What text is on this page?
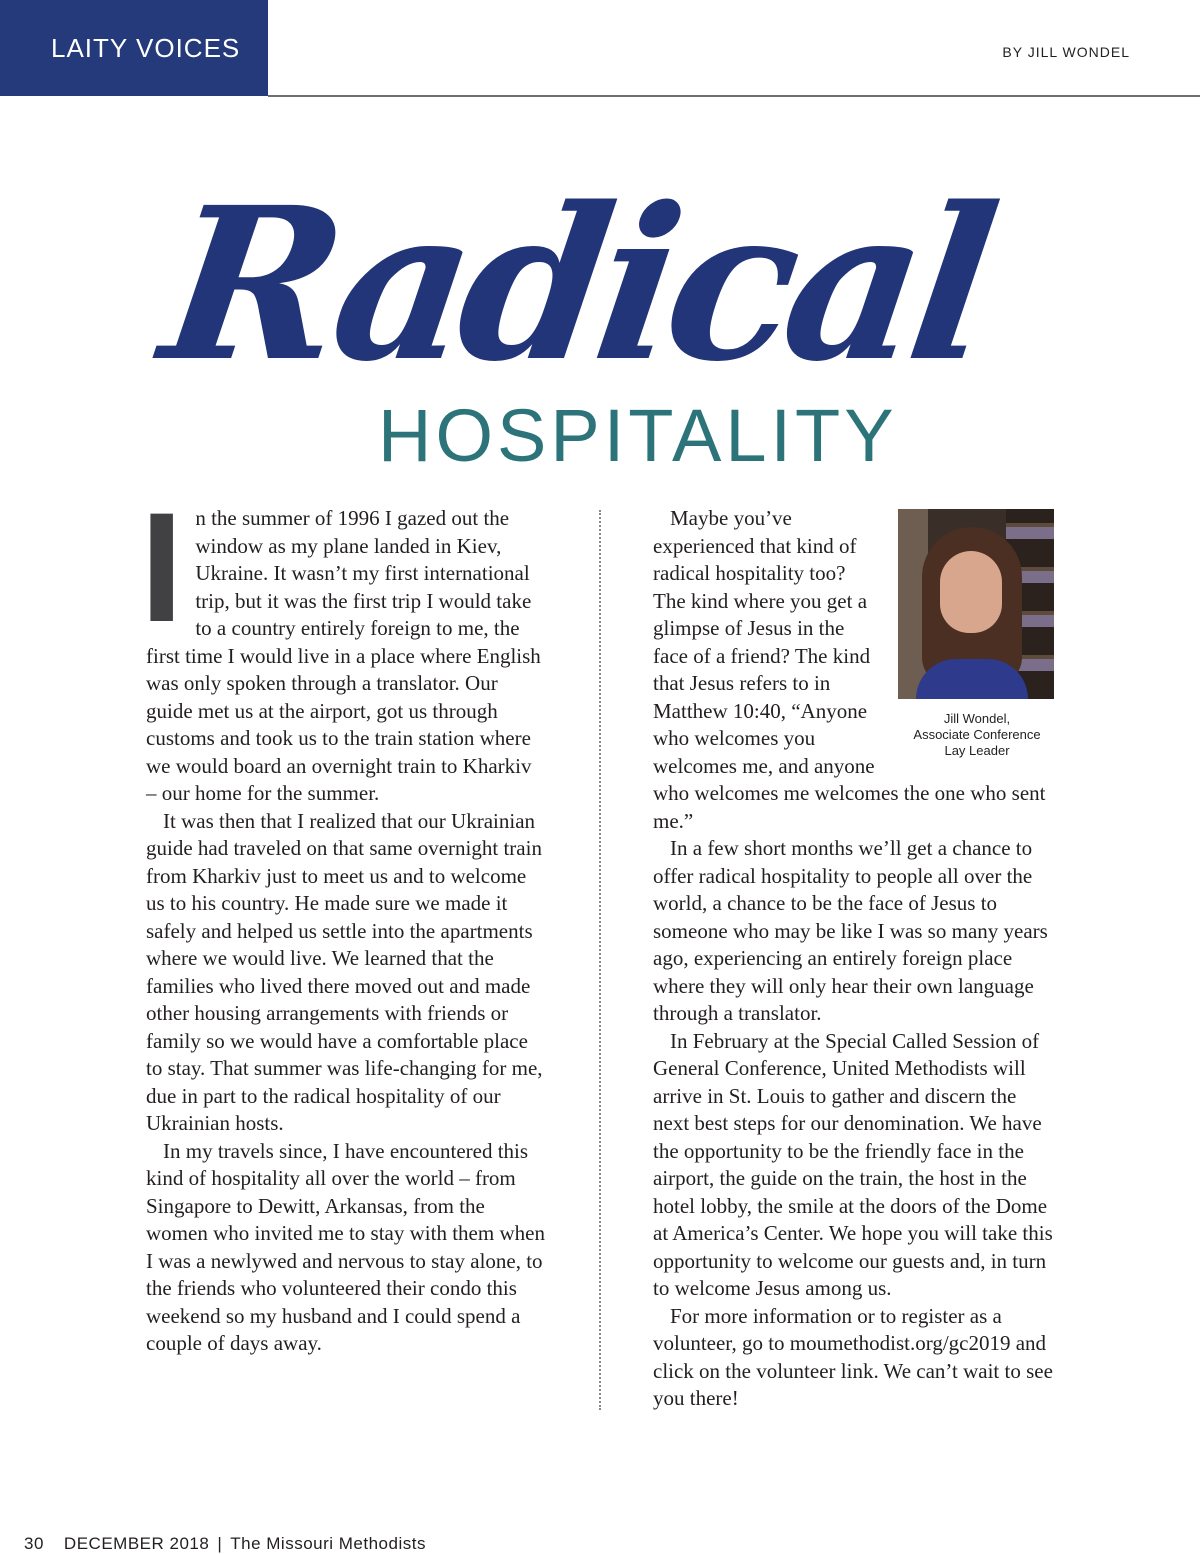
LAITY VOICES	BY JILL WONDEL
Radical
HOSPITALITY

In the summer of 1996 I gazed out the window as my plane landed in Kiev, Ukraine. It wasn’t my first international trip, but it was the first trip I would take to a country entirely foreign to me, the first time I would live in a place where English was only spoken through a translator. Our guide met us at the airport, got us through customs and took us to the train station where we would board an overnight train to Kharkiv – our home for the summer.

It was then that I realized that our Ukrainian guide had traveled on that same overnight train from Kharkiv just to meet us and to welcome us to his country. He made sure we made it safely and helped us settle into the apartments where we would live. We learned that the families who lived there moved out and made other housing arrangements with friends or family so we would have a comfortable place to stay. That summer was life-changing for me, due in part to the radical hospitality of our Ukrainian hosts.

In my travels since, I have encountered this kind of hospitality all over the world – from Singapore to Dewitt, Arkansas, from the women who invited me to stay with them when I was a newlywed and nervous to stay alone, to the friends who volunteered their condo this weekend so my husband and I could spend a couple of days away.

Jill Wondel,
Associate Conference
Lay Leader

Maybe you’ve experienced that kind of radical hospitality too? The kind where you get a glimpse of Jesus in the face of a friend? The kind that Jesus refers to in Matthew 10:40, “Anyone who welcomes you welcomes me, and anyone who welcomes me welcomes the one who sent me.”

In a few short months we’ll get a chance to offer radical hospitality to people all over the world, a chance to be the face of Jesus to someone who may be like I was so many years ago, experiencing an entirely foreign place where they will only hear their own language through a translator.

In February at the Special Called Session of General Conference, United Methodists will arrive in St. Louis to gather and discern the next best steps for our denomination. We have the opportunity to be the friendly face in the airport, the guide on the train, the host in the hotel lobby, the smile at the doors of the Dome at America’s Center. We hope you will take this opportunity to welcome our guests and, in turn to welcome Jesus among us.

For more information or to register as a volunteer, go to moumethodist.org/gc2019 and click on the volunteer link. We can’t wait to see you there!

30 DECEMBER 2018 | The Missouri Methodists
